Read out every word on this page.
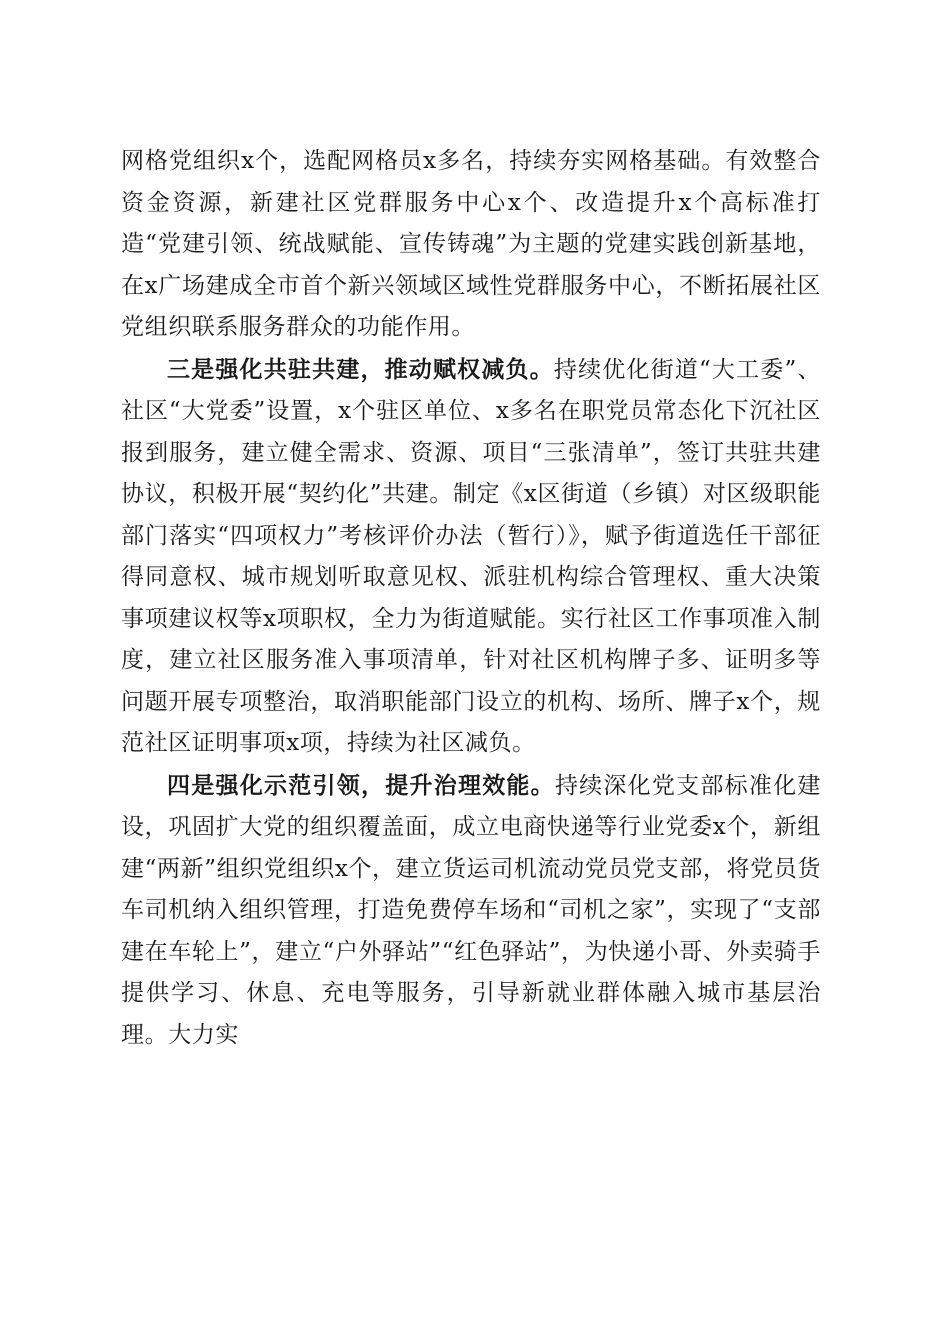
网格党组织x个，选配网格员x多名，持续夯实网格基础。有效整合资金资源，新建社区党群服务中心x个、改造提升x个高标准打造“党建引领、统战赋能、宣传铸魂”为主题的党建实践创新基地，在x广场建成全市首个新兴领域区域性党群服务中心，不断拓展社区党组织联系服务群众的功能作用。

三是强化共驻共建，推动赋权减负。持续优化街道“大工委”、社区“大党委”设置，x个驻区单位、x多名在职党员常态化下沉社区报到服务，建立健全需求、资源、项目“三张清单”，签订共驻共建协议，积极开展“契约化”共建。制定《x区街道（乡镇）对区级职能部门落实“四项权力”考核评价办法（暂行）》，赋予街道选任干部征得同意权、城市规划听取意见权、派驻机构综合管理权、重大决策事项建议权等x项职权，全力为街道赋能。实行社区工作事项准入制度，建立社区服务准入事项清单，针对社区机构牌子多、证明多等问题开展专项整治，取消职能部门设立的机构、场所、牌子x个，规范社区证明事项x项，持续为社区减负。

四是强化示范引领，提升治理效能。持续深化党支部标准化建设，巩固扩大党的组织覆盖面，成立电商快递等行业党委x个，新组建“两新”组织党组织x个，建立货运司机流动党员党支部，将党员货车司机纳入组织管理，打造免费停车场和“司机之家”，实现了“支部建在车轮上”，建立“户外驿站”“红色驿站”，为快递小哥、外卖骑手提供学习、休息、充电等服务，引导新就业群体融入城市基层治理。大力实
